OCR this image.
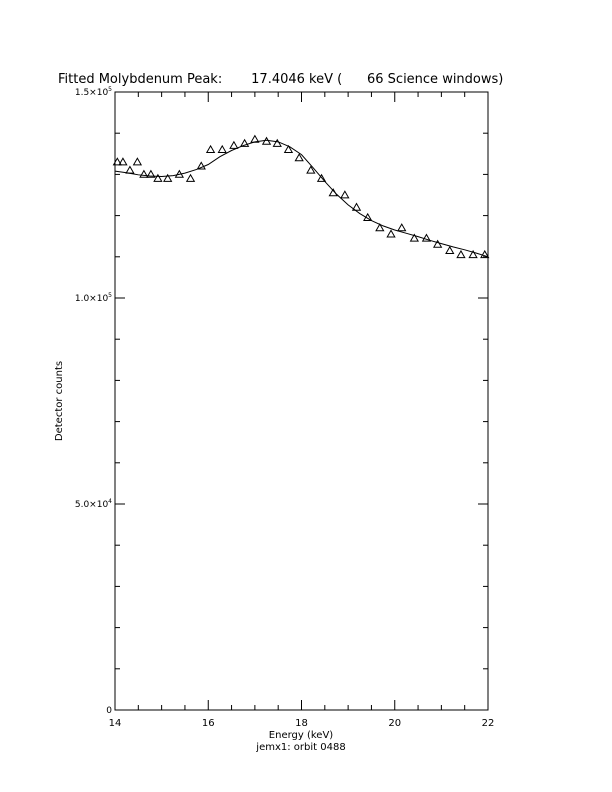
Fitted Molybdenum Peak:       17.4046 keV (      66 Science windows)
14	16	18	20	22
0
$5.0\times 10^4$
$1.0\times 10^5$
$1.5\times 10^5$
Energy (keV)
jemx1: orbit 0488
Detector counts
